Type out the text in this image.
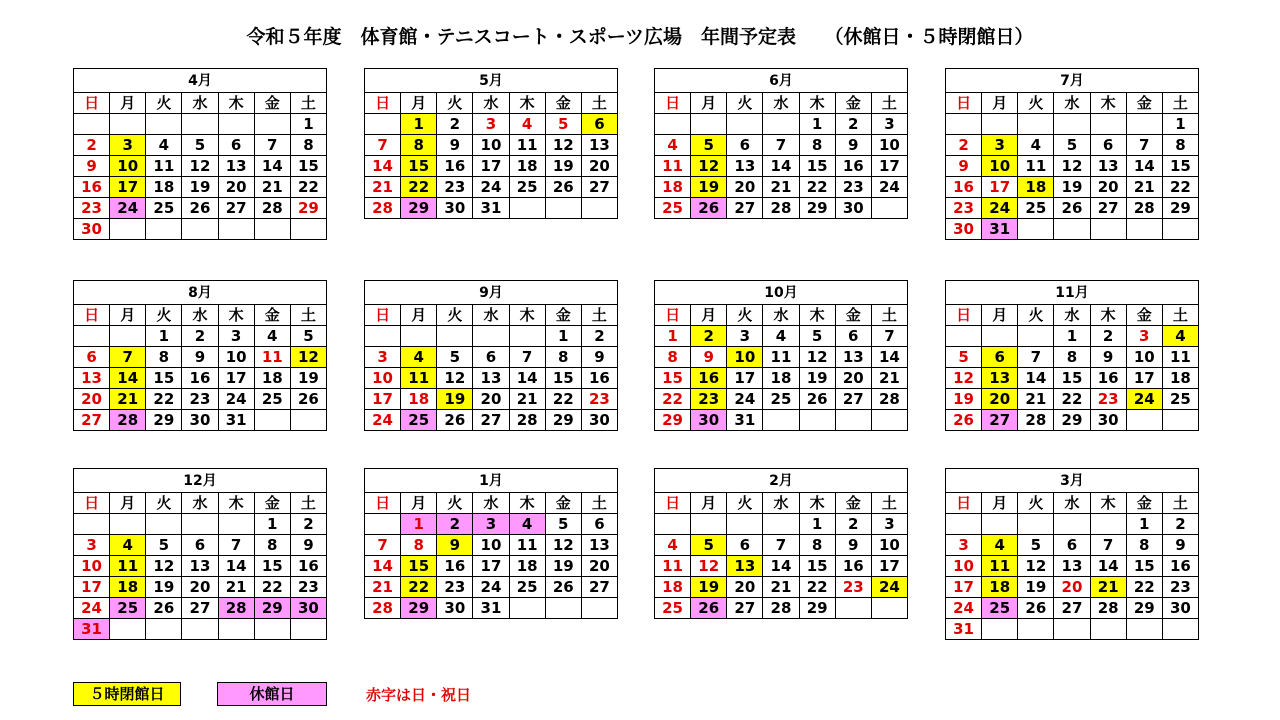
令和５年度　体育館・テニスコート・スポーツ広場　年間予定表　　（休館日・５時閉館日）
4月						
日	月	火	水	木	金	土
						1
2	3	4	5	6	7	8
9	10	11	12	13	14	15
16	17	18	19	20	21	22
23	24	25	26	27	28	29
30						
5月						
日	月	火	水	木	金	土
	1	2	3	4	5	6
7	8	9	10	11	12	13
14	15	16	17	18	19	20
21	22	23	24	25	26	27
28	29	30	31			
6月						
日	月	火	水	木	金	土
				1	2	3
4	5	6	7	8	9	10
11	12	13	14	15	16	17
18	19	20	21	22	23	24
25	26	27	28	29	30	
7月						
日	月	火	水	木	金	土
						1
2	3	4	5	6	7	8
9	10	11	12	13	14	15
16	17	18	19	20	21	22
23	24	25	26	27	28	29
30	31					
8月						
日	月	火	水	木	金	土
		1	2	3	4	5
6	7	8	9	10	11	12
13	14	15	16	17	18	19
20	21	22	23	24	25	26
27	28	29	30	31		
9月						
日	月	火	水	木	金	土
					1	2
3	4	5	6	7	8	9
10	11	12	13	14	15	16
17	18	19	20	21	22	23
24	25	26	27	28	29	30
10月						
日	月	火	水	木	金	土
1	2	3	4	5	6	7
8	9	10	11	12	13	14
15	16	17	18	19	20	21
22	23	24	25	26	27	28
29	30	31				
11月						
日	月	火	水	木	金	土
			1	2	3	4
5	6	7	8	9	10	11
12	13	14	15	16	17	18
19	20	21	22	23	24	25
26	27	28	29	30		
12月						
日	月	火	水	木	金	土
					1	2
3	4	5	6	7	8	9
10	11	12	13	14	15	16
17	18	19	20	21	22	23
24	25	26	27	28	29	30
31						
1月						
日	月	火	水	木	金	土
	1	2	3	4	5	6
7	8	9	10	11	12	13
14	15	16	17	18	19	20
21	22	23	24	25	26	27
28	29	30	31			
2月						
日	月	火	水	木	金	土
				1	2	3
4	5	6	7	8	9	10
11	12	13	14	15	16	17
18	19	20	21	22	23	24
25	26	27	28	29		
3月						
日	月	火	水	木	金	土
					1	2
3	4	5	6	7	8	9
10	11	12	13	14	15	16
17	18	19	20	21	22	23
24	25	26	27	28	29	30
31						
５時閉館日	休館日	赤字は日・祝日
